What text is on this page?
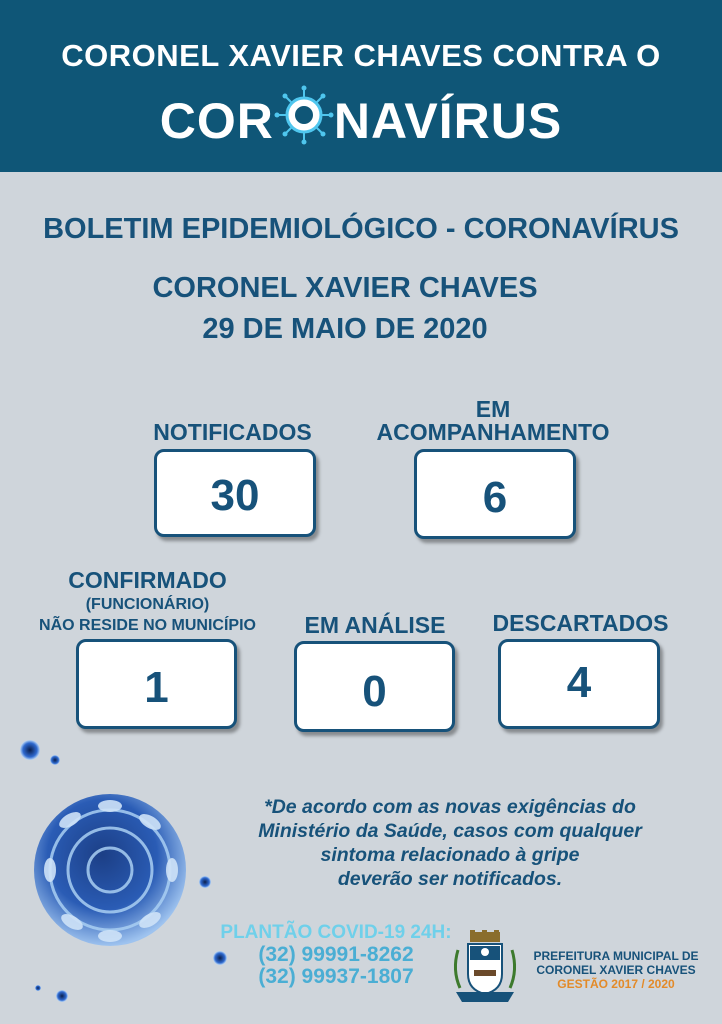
CORONEL XAVIER CHAVES CONTRA O
COR NAVÍRUS
BOLETIM EPIDEMIOLÓGICO - CORONAVÍRUS
CORONEL XAVIER CHAVES
29 DE MAIO DE 2020
NOTIFICADOS
30
EM
ACOMPANHAMENTO
6
CONFIRMADO
(FUNCIONÁRIO)
NÃO RESIDE NO MUNICÍPIO
1
EM ANÁLISE
0
DESCARTADOS
4
*De acordo com as novas exigências do
Ministério da Saúde, casos com qualquer
sintoma relacionado à gripe
deverão ser notificados.
PLANTÃO COVID-19 24H:
(32) 99991-8262
(32) 99937-1807
PREFEITURA MUNICIPAL DE
CORONEL XAVIER CHAVES
GESTÃO 2017 / 2020
